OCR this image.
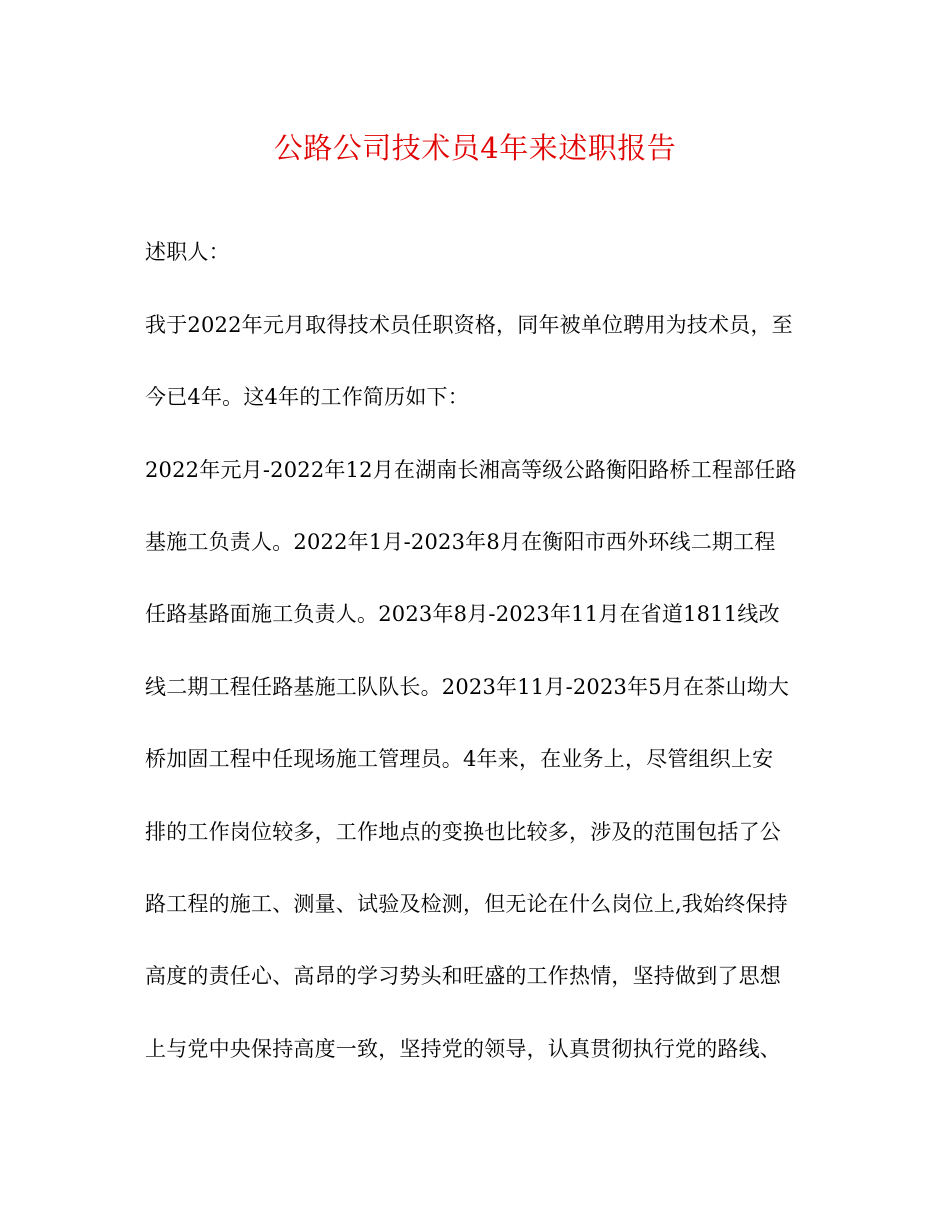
公路公司技术员4年来述职报告
述职人：
我于2022年元月取得技术员任职资格，同年被单位聘用为技术员，至
今已4年。这4年的工作简历如下：
2022年元月-2022年12月在湖南长湘高等级公路衡阳路桥工程部任路
基施工负责人。2022年1月-2023年8月在衡阳市西外环线二期工程
任路基路面施工负责人。2023年8月-2023年11月在省道1811线改
线二期工程任路基施工队队长。2023年11月-2023年5月在茶山坳大
桥加固工程中任现场施工管理员。4年来，在业务上，尽管组织上安
排的工作岗位较多，工作地点的变换也比较多，涉及的范围包括了公
路工程的施工、测量、试验及检测，但无论在什么岗位上,我始终保持
高度的责任心、高昂的学习势头和旺盛的工作热情，坚持做到了思想
上与党中央保持高度一致，坚持党的领导，认真贯彻执行党的路线、
